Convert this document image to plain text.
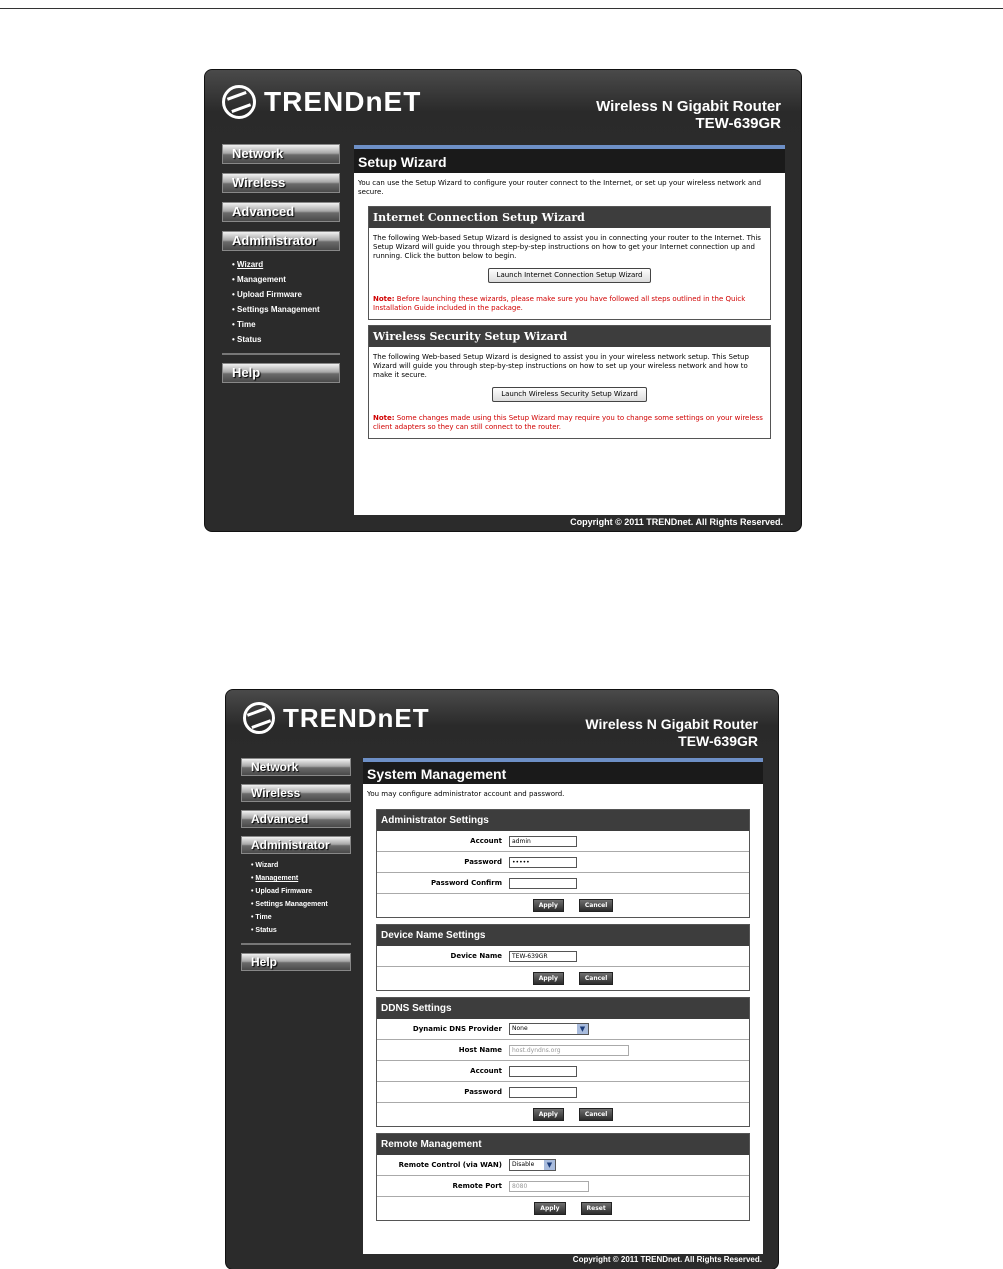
TRENDnET	Wireless N Gigabit Router
TEW-639GR
Network
Wireless
Advanced
Administrator
• Wizard
• Management
• Upload Firmware
• Settings Management
• Time
• Status
Help
Setup Wizard
You can use the Setup Wizard to configure your router connect to the Internet, or set up your wireless network and secure.
Internet Connection Setup Wizard
The following Web-based Setup Wizard is designed to assist you in connecting your router to the Internet. This Setup Wizard will guide you through step-by-step instructions on how to get your Internet connection up and running. Click the button below to begin.
Launch Internet Connection Setup Wizard
Note: Before launching these wizards, please make sure you have followed all steps outlined in the Quick Installation Guide included in the package.
Wireless Security Setup Wizard
The following Web-based Setup Wizard is designed to assist you in your wireless network setup. This Setup Wizard will guide you through step-by-step instructions on how to set up your wireless network and how to make it secure.
Launch Wireless Security Setup Wizard
Note: Some changes made using this Setup Wizard may require you to change some settings on your wireless client adapters so they can still connect to the router.
Copyright © 2011 TRENDnet. All Rights Reserved.
TRENDnET	Wireless N Gigabit Router
TEW-639GR
Network
Wireless
Advanced
Administrator
• Wizard
• Management
• Upload Firmware
• Settings Management
• Time
• Status
Help
System Management
You may configure administrator account and password.
Administrator Settings
Account	admin
Password	•••••
Password Confirm
Apply	Cancel
Device Name Settings
Device Name	TEW-639GR
Apply	Cancel
DDNS Settings
Dynamic DNS Provider	None	▼
Host Name	host.dyndns.org
Account
Password
Apply	Cancel
Remote Management
Remote Control (via WAN)	Disable	▼
Remote Port	8080
Apply	Reset
Copyright © 2011 TRENDnet. All Rights Reserved.
